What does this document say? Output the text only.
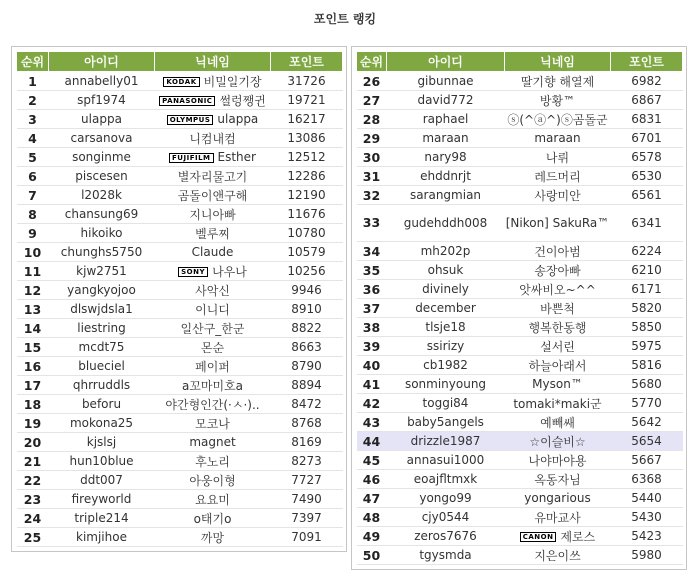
포인트 랭킹
순위	아이디	닉네임	포인트
1	annabelly01	KODAK 비밀일기장	31726
2	spf1974	PANASONIC 썰렁쨍귄	19721
3	ulappa	OLYMPUS ulappa	16217
4	carsanova	니컴내컴	13086
5	songinme	FUJIFILM Esther	12512
6	piscesen	별자리물고기	12286
7	l2028k	곰돌이앤구해	12190
8	chansung69	지니아빠	11676
9	hikoiko	벨루찌	10780
10	chunghs5750	Claude	10579
11	kjw2751	SONY 나우나	10256
12	yangkyojoo	사악신	9946
13	dlswjdsla1	이니디	8910
14	liestring	일산구_한군	8822
15	mcdt75	몬순	8663
16	blueciel	페이퍼	8790
17	qhrruddls	a꼬마미호a	8894
18	beforu	야간형인간(·ㅅ·)..	8472
19	mokona25	모코나	8768
20	kjslsj	magnet	8169
21	hun10blue	후노리	8273
22	ddt007	아웅이형	7727
23	fireyworld	요요미	7490
24	triple214	o태기o	7397
25	kimjihoe	까망	7091
순위	아이디	닉네임	포인트
26	gibunnae	딸기향 해열제	6982
27	david772	방황™	6867
28	raphael	ⓢ(^ⓐ^)ⓢ곰돌군	6831
29	maraan	maraan	6701
30	nary98	나뤼	6578
31	ehddnrjt	레드머리	6530
32	sarangmian	사랑미안	6561
33	gudehddh008	[Nikon] SakuRa™	6341
34	mh202p	건이아범	6224
35	ohsuk	송장아빠	6210
36	divinely	앗싸비오~^^	6171
37	december	바쁜척	5820
38	tlsje18	행복한동행	5850
39	ssirizy	설서린	5975
40	cb1982	하늘아래서	5816
41	sonminyoung	Myson™	5680
42	toggi84	tomaki*maki군	5770
43	baby5angels	예빼쌔	5642
44	drizzle1987	☆이슬비☆	5654
45	annasui1000	나야마야용	5667
46	eoajfltmxk	옥동자님	6368
47	yongo99	yongarious	5440
48	cjy0544	유마교사	5430
49	zeros7676	CANON 제로스	5423
50	tgysmda	지은이쓰	5980
